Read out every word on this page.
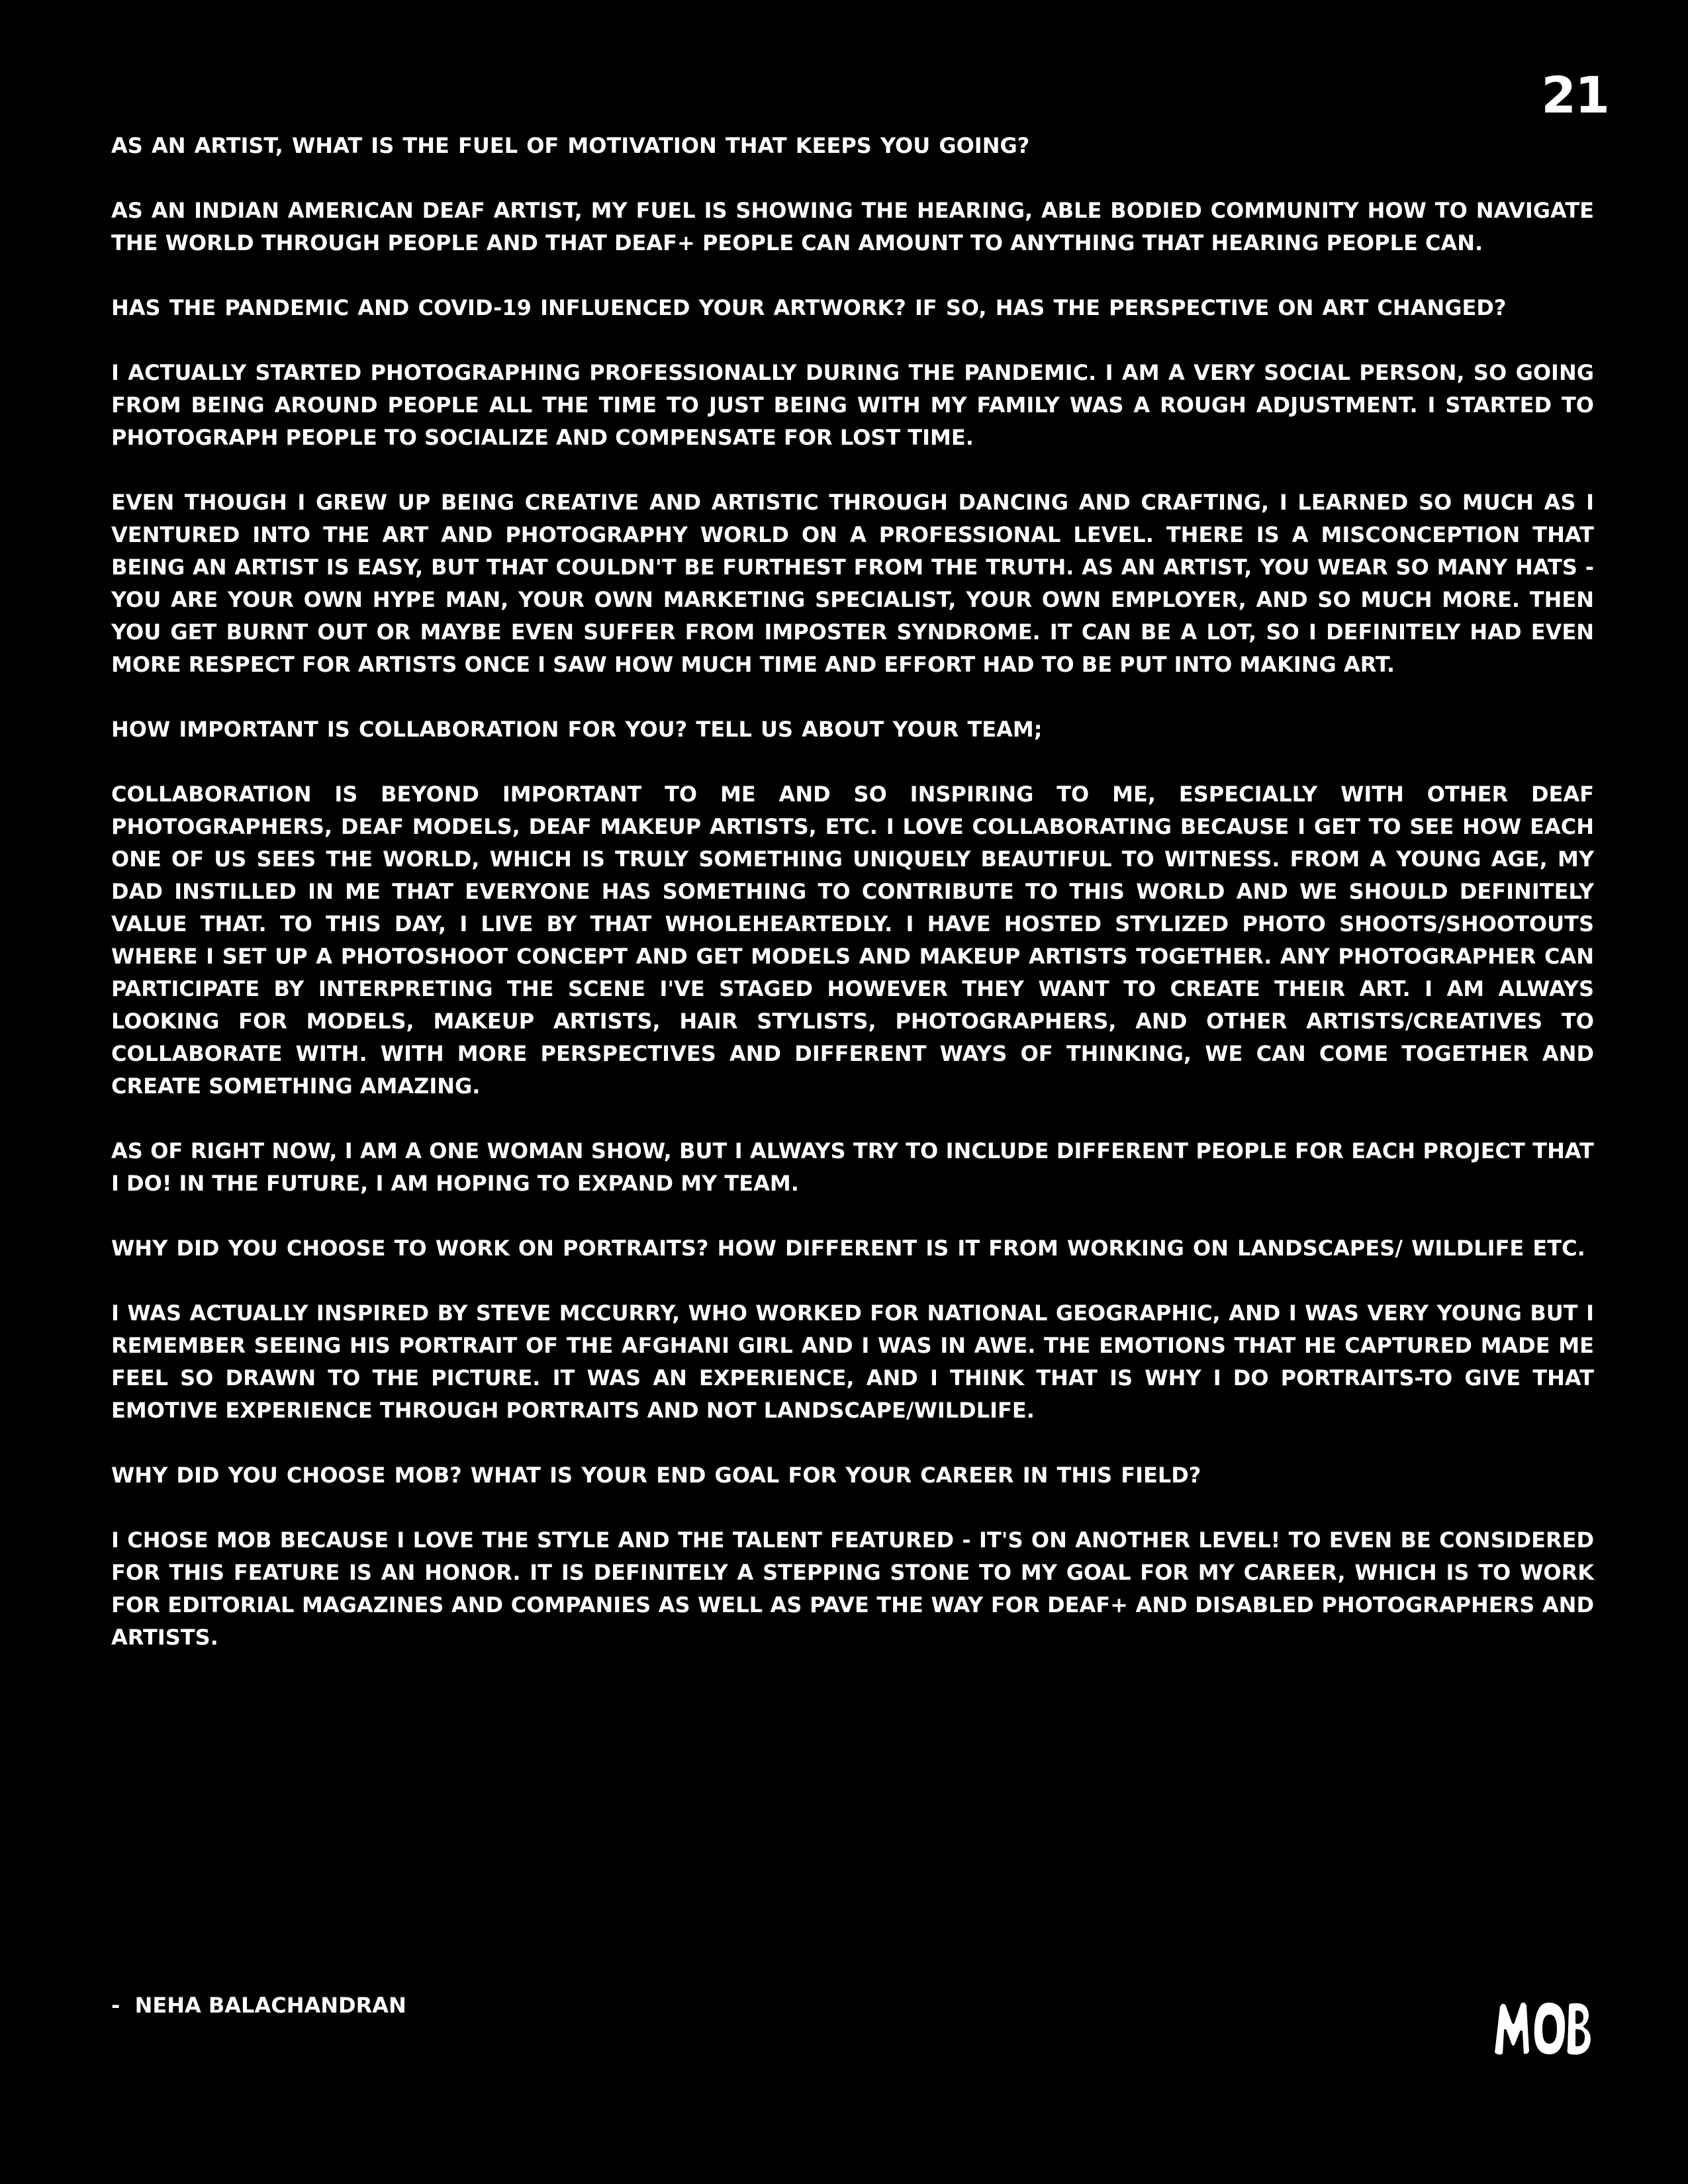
21

AS AN ARTIST, WHAT IS THE FUEL OF MOTIVATION THAT KEEPS YOU GOING?

AS AN INDIAN AMERICAN DEAF ARTIST, MY FUEL IS SHOWING THE HEARING, ABLE BODIED COMMUNITY HOW TO NAVIGATE THE WORLD THROUGH PEOPLE AND THAT DEAF+ PEOPLE CAN AMOUNT TO ANYTHING THAT HEARING PEOPLE CAN.

HAS THE PANDEMIC AND COVID-19 INFLUENCED YOUR ARTWORK? IF SO, HAS THE PERSPECTIVE ON ART CHANGED?

I ACTUALLY STARTED PHOTOGRAPHING PROFESSIONALLY DURING THE PANDEMIC. I AM A VERY SOCIAL PERSON, SO GOING FROM BEING AROUND PEOPLE ALL THE TIME TO JUST BEING WITH MY FAMILY WAS A ROUGH ADJUSTMENT. I STARTED TO PHOTOGRAPH PEOPLE TO SOCIALIZE AND COMPENSATE FOR LOST TIME.

EVEN THOUGH I GREW UP BEING CREATIVE AND ARTISTIC THROUGH DANCING AND CRAFTING, I LEARNED SO MUCH AS I VENTURED INTO THE ART AND PHOTOGRAPHY WORLD ON A PROFESSIONAL LEVEL. THERE IS A MISCONCEPTION THAT BEING AN ARTIST IS EASY, BUT THAT COULDN'T BE FURTHEST FROM THE TRUTH. AS AN ARTIST, YOU WEAR SO MANY HATS - YOU ARE YOUR OWN HYPE MAN, YOUR OWN MARKETING SPECIALIST, YOUR OWN EMPLOYER, AND SO MUCH MORE. THEN YOU GET BURNT OUT OR MAYBE EVEN SUFFER FROM IMPOSTER SYNDROME. IT CAN BE A LOT, SO I DEFINITELY HAD EVEN MORE RESPECT FOR ARTISTS ONCE I SAW HOW MUCH TIME AND EFFORT HAD TO BE PUT INTO MAKING ART.

HOW IMPORTANT IS COLLABORATION FOR YOU? TELL US ABOUT YOUR TEAM;

COLLABORATION IS BEYOND IMPORTANT TO ME AND SO INSPIRING TO ME, ESPECIALLY WITH OTHER DEAF PHOTOGRAPHERS, DEAF MODELS, DEAF MAKEUP ARTISTS, ETC. I LOVE COLLABORATING BECAUSE I GET TO SEE HOW EACH ONE OF US SEES THE WORLD, WHICH IS TRULY SOMETHING UNIQUELY BEAUTIFUL TO WITNESS. FROM A YOUNG AGE, MY DAD INSTILLED IN ME THAT EVERYONE HAS SOMETHING TO CONTRIBUTE TO THIS WORLD AND WE SHOULD DEFINITELY VALUE THAT. TO THIS DAY, I LIVE BY THAT WHOLEHEARTEDLY. I HAVE HOSTED STYLIZED PHOTO SHOOTS/SHOOTOUTS WHERE I SET UP A PHOTOSHOOT CONCEPT AND GET MODELS AND MAKEUP ARTISTS TOGETHER. ANY PHOTOGRAPHER CAN PARTICIPATE BY INTERPRETING THE SCENE I'VE STAGED HOWEVER THEY WANT TO CREATE THEIR ART. I AM ALWAYS LOOKING FOR MODELS, MAKEUP ARTISTS, HAIR STYLISTS, PHOTOGRAPHERS, AND OTHER ARTISTS/CREATIVES TO COLLABORATE WITH. WITH MORE PERSPECTIVES AND DIFFERENT WAYS OF THINKING, WE CAN COME TOGETHER AND CREATE SOMETHING AMAZING.

AS OF RIGHT NOW, I AM A ONE WOMAN SHOW, BUT I ALWAYS TRY TO INCLUDE DIFFERENT PEOPLE FOR EACH PROJECT THAT I DO! IN THE FUTURE, I AM HOPING TO EXPAND MY TEAM.

WHY DID YOU CHOOSE TO WORK ON PORTRAITS? HOW DIFFERENT IS IT FROM WORKING ON LANDSCAPES/ WILDLIFE ETC.

I WAS ACTUALLY INSPIRED BY STEVE MCCURRY, WHO WORKED FOR NATIONAL GEOGRAPHIC, AND I WAS VERY YOUNG BUT I REMEMBER SEEING HIS PORTRAIT OF THE AFGHANI GIRL AND I WAS IN AWE. THE EMOTIONS THAT HE CAPTURED MADE ME FEEL SO DRAWN TO THE PICTURE. IT WAS AN EXPERIENCE, AND I THINK THAT IS WHY I DO PORTRAITS-TO GIVE THAT EMOTIVE EXPERIENCE THROUGH PORTRAITS AND NOT LANDSCAPE/WILDLIFE.

WHY DID YOU CHOOSE MOB? WHAT IS YOUR END GOAL FOR YOUR CAREER IN THIS FIELD?

I CHOSE MOB BECAUSE I LOVE THE STYLE AND THE TALENT FEATURED - IT'S ON ANOTHER LEVEL! TO EVEN BE CONSIDERED FOR THIS FEATURE IS AN HONOR. IT IS DEFINITELY A STEPPING STONE TO MY GOAL FOR MY CAREER, WHICH IS TO WORK FOR EDITORIAL MAGAZINES AND COMPANIES AS WELL AS PAVE THE WAY FOR DEAF+ AND DISABLED PHOTOGRAPHERS AND ARTISTS.

-  NEHA BALACHANDRAN
